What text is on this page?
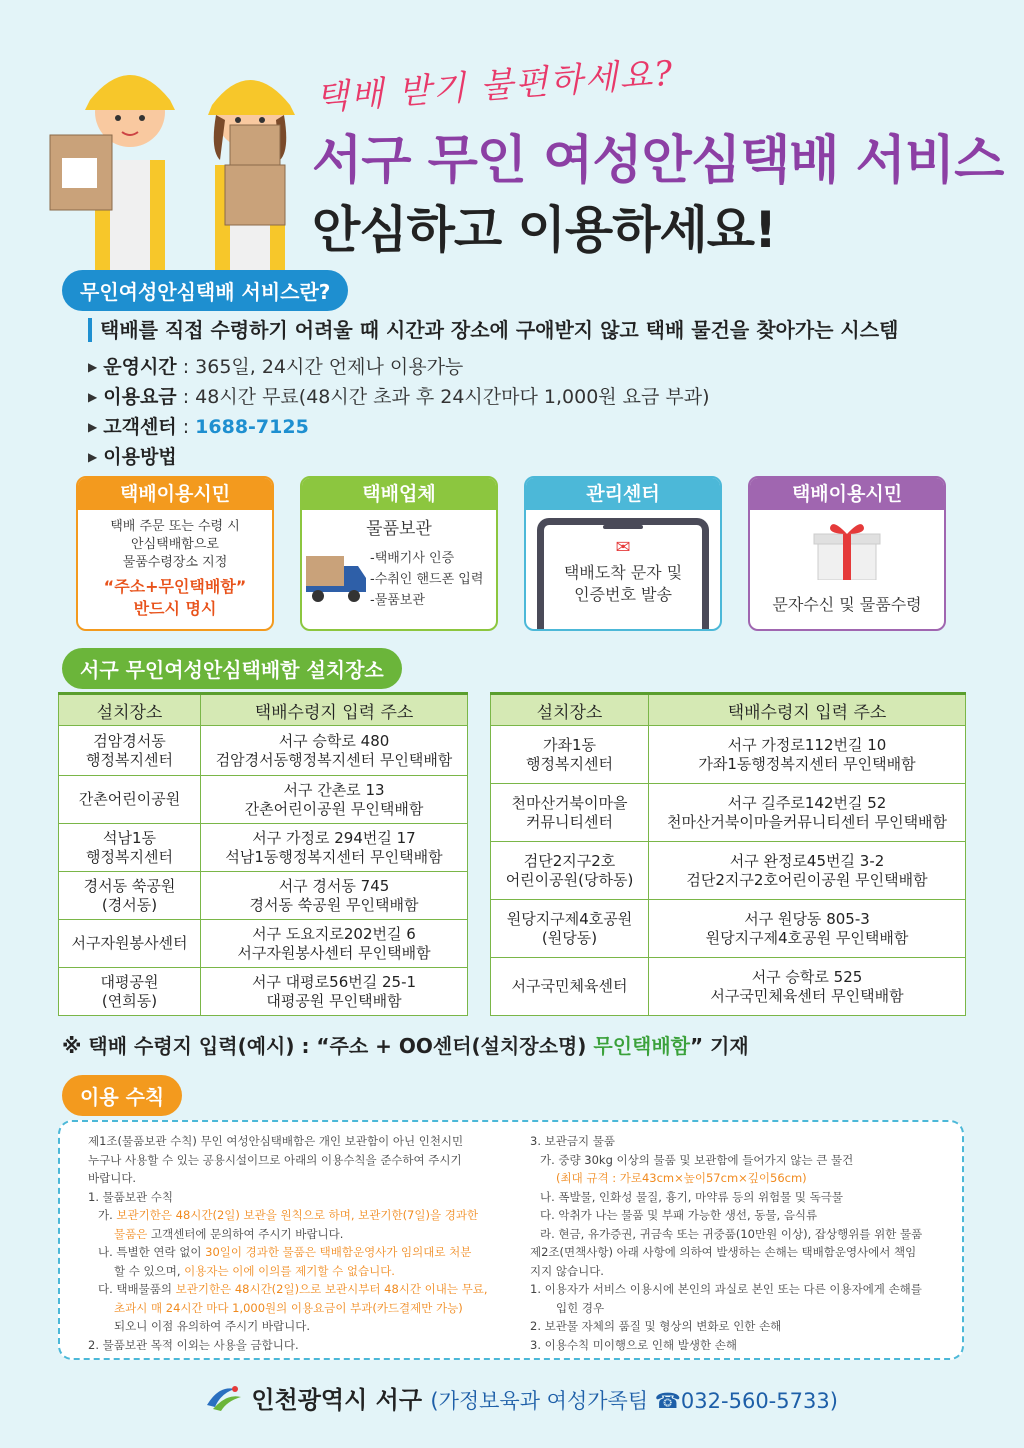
택배 받기 불편하세요?
서구 무인 여성안심택배 서비스
안심하고 이용하세요!
무인여성안심택배 서비스란?
택배를 직접 수령하기 어려울 때 시간과 장소에 구애받지 않고 택배 물건을 찾아가는 시스템
▶ 운영시간 : 365일, 24시간 언제나 이용가능
▶ 이용요금 : 48시간 무료(48시간 초과 후 24시간마다 1,000원 요금 부과)
▶ 고객센터 : 1688-7125
▶ 이용방법
택배이용시민
택배 주문 또는 수령 시
안심택배함으로
물품수령장소 지정
“주소+무인택배함”
반드시 명시
택배업체
물품보관
-택배기사 인증
-수취인 핸드폰 입력
-물품보관
관리센터
✉
택배도착 문자 및
인증번호 발송
택배이용시민
문자수신 및 물품수령
서구 무인여성안심택배함 설치장소
설치장소	택배수령지 입력 주소
검암경서동
행정복지센터	서구 승학로 480
검암경서동행정복지센터 무인택배함
간촌어린이공원	서구 간촌로 13
간촌어린이공원 무인택배함
석남1동
행정복지센터	서구 가정로 294번길 17
석남1동행정복지센터 무인택배함
경서동 쑥공원
(경서동)	서구 경서동 745
경서동 쑥공원 무인택배함
서구자원봉사센터	서구 도요지로202번길 6
서구자원봉사센터 무인택배함
대평공원
(연희동)	서구 대평로56번길 25-1
대평공원 무인택배함
설치장소	택배수령지 입력 주소
가좌1동
행정복지센터	서구 가정로112번길 10
가좌1동행정복지센터 무인택배함
천마산거북이마을
커뮤니티센터	서구 길주로142번길 52
천마산거북이마을커뮤니티센터 무인택배함
검단2지구2호
어린이공원(당하동)	서구 완정로45번길 3-2
검단2지구2호어린이공원 무인택배함
원당지구제4호공원
(원당동)	서구 원당동 805-3
원당지구제4호공원 무인택배함
서구국민체육센터	서구 승학로 525
서구국민체육센터 무인택배함
※ 택배 수령지 입력(예시) : “주소 + OO센터(설치장소명) 무인택배함” 기재
이용 수칙

제1조(물품보관 수칙) 무인 여성안심택배함은 개인 보관함이 아닌 인천시민

누구나 사용할 수 있는 공용시설이므로 아래의 이용수칙을 준수하여 주시기

바랍니다.

1. 물품보관 수칙

가. 보관기한은 48시간(2일) 보관을 원칙으로 하며, 보관기한(7일)을 경과한

물품은 고객센터에 문의하여 주시기 바랍니다.

나. 특별한 연락 없이 30일이 경과한 물품은 택배함운영사가 임의대로 처분

할 수 있으며, 이용자는 이에 이의를 제기할 수 없습니다.

다. 택배물품의 보관기한은 48시간(2일)으로 보관시부터 48시간 이내는 무료,

초과시 매 24시간 마다 1,000원의 이용요금이 부과(카드결제만 가능)

되오니 이점 유의하여 주시기 바랍니다.

2. 물품보관 목적 이외는 사용을 금합니다.

3. 보관금지 물품

가. 중량 30kg 이상의 물품 및 보관함에 들어가지 않는 큰 물건

(최대 규격 : 가로43cm×높이57cm×깊이56cm)

나. 폭발물, 인화성 물질, 흉기, 마약류 등의 위험물 및 독극물

다. 악취가 나는 물품 및 부패 가능한 생선, 동물, 음식류

라. 현금, 유가증권, 귀금속 또는 귀중품(10만원 이상), 잡상행위를 위한 물품

제2조(면책사항) 아래 사항에 의하여 발생하는 손해는 택배함운영사에서 책임

지지 않습니다.

1. 이용자가 서비스 이용시에 본인의 과실로 본인 또는 다른 이용자에게 손해를

입힌 경우

2. 보관물 자체의 품질 및 형상의 변화로 인한 손해

3. 이용수칙 미이행으로 인해 발생한 손해

인천광역시 서구 (가정보육과 여성가족팀 ☎032-560-5733)
